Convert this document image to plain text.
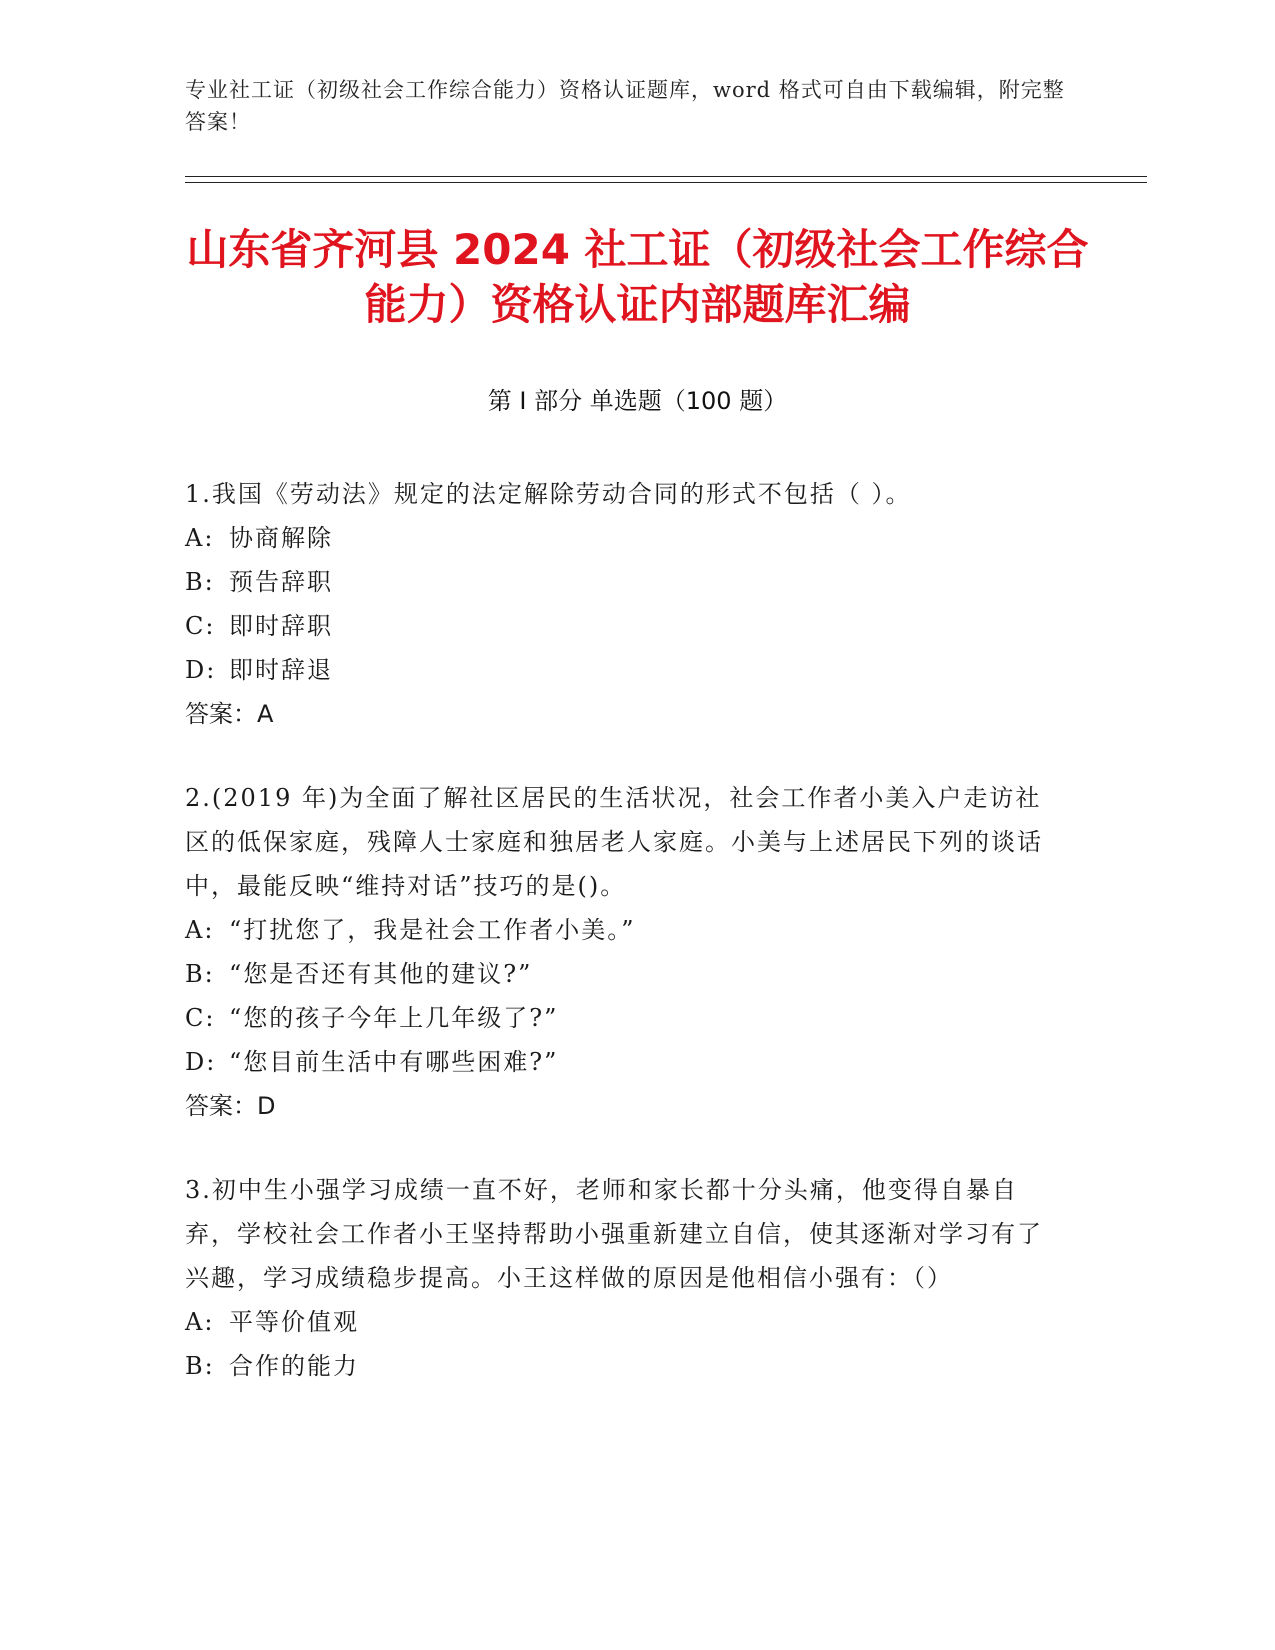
专业社工证（初级社会工作综合能力）资格认证题库，word 格式可自由下载编辑，附完整答案！
山东省齐河县 2024 社工证（初级社会工作综合能力）资格认证内部题库汇编
第 I 部分 单选题（100 题）
1.我国《劳动法》规定的法定解除劳动合同的形式不包括（ ）。
A: 协商解除
B: 预告辞职
C: 即时辞职
D: 即时辞退
答案：A
2.(2019 年)为全面了解社区居民的生活状况，社会工作者小美入户走访社区的低保家庭，残障人士家庭和独居老人家庭。小美与上述居民下列的谈话中，最能反映“维持对话”技巧的是()。
A: “打扰您了，我是社会工作者小美。”
B: “您是否还有其他的建议?”
C: “您的孩子今年上几年级了?”
D: “您目前生活中有哪些困难?”
答案：D
3.初中生小强学习成绩一直不好，老师和家长都十分头痛，他变得自暴自弃，学校社会工作者小王坚持帮助小强重新建立自信，使其逐渐对学习有了兴趣，学习成绩稳步提高。小王这样做的原因是他相信小强有：（）
A: 平等价值观
B: 合作的能力
